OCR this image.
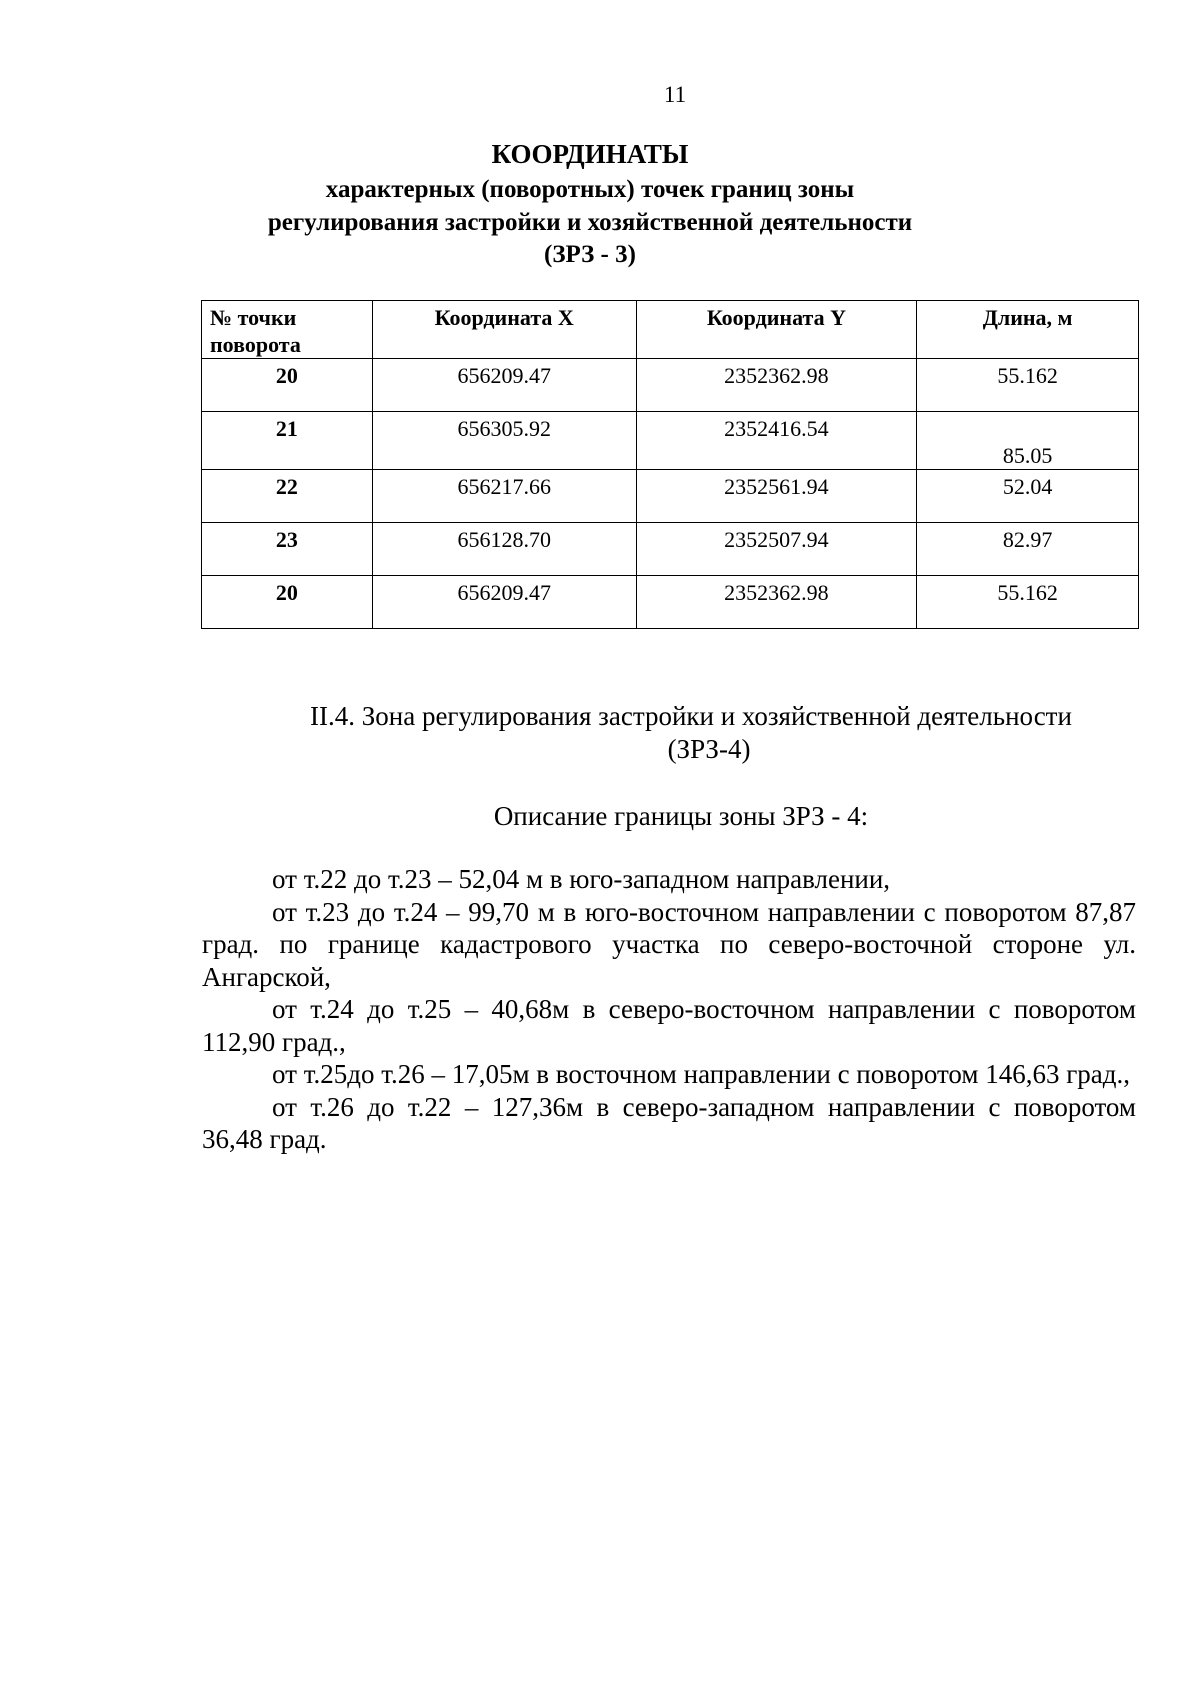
11
КООРДИНАТЫ
характерных (поворотных) точек границ зоны
регулирования застройки и хозяйственной деятельности
(ЗРЗ - 3)
№ точки поворота	Координата X	Координата Y	Длина, м
20	656209.47	2352362.98	55.162
21	656305.92	2352416.54	85.05
22	656217.66	2352561.94	52.04
23	656128.70	2352507.94	82.97
20	656209.47	2352362.98	55.162
II.4. Зона регулирования застройки и хозяйственной деятельности
(ЗРЗ-4)
Описание границы зоны ЗРЗ - 4:

от т.22 до т.23 – 52,04 м в юго-западном направлении,

от т.23 до т.24 – 99,70 м в юго-восточном направлении с поворотом 87,87 град. по границе кадастрового участка по северо-восточной стороне ул. Ангарской,

от т.24 до т.25 – 40,68м в северо-восточном направлении с поворотом 112,90 град.,

от т.25до т.26 – 17,05м в восточном направлении с поворотом 146,63 град.,

от т.26 до т.22 – 127,36м в северо-западном направлении с поворотом 36,48 град.
